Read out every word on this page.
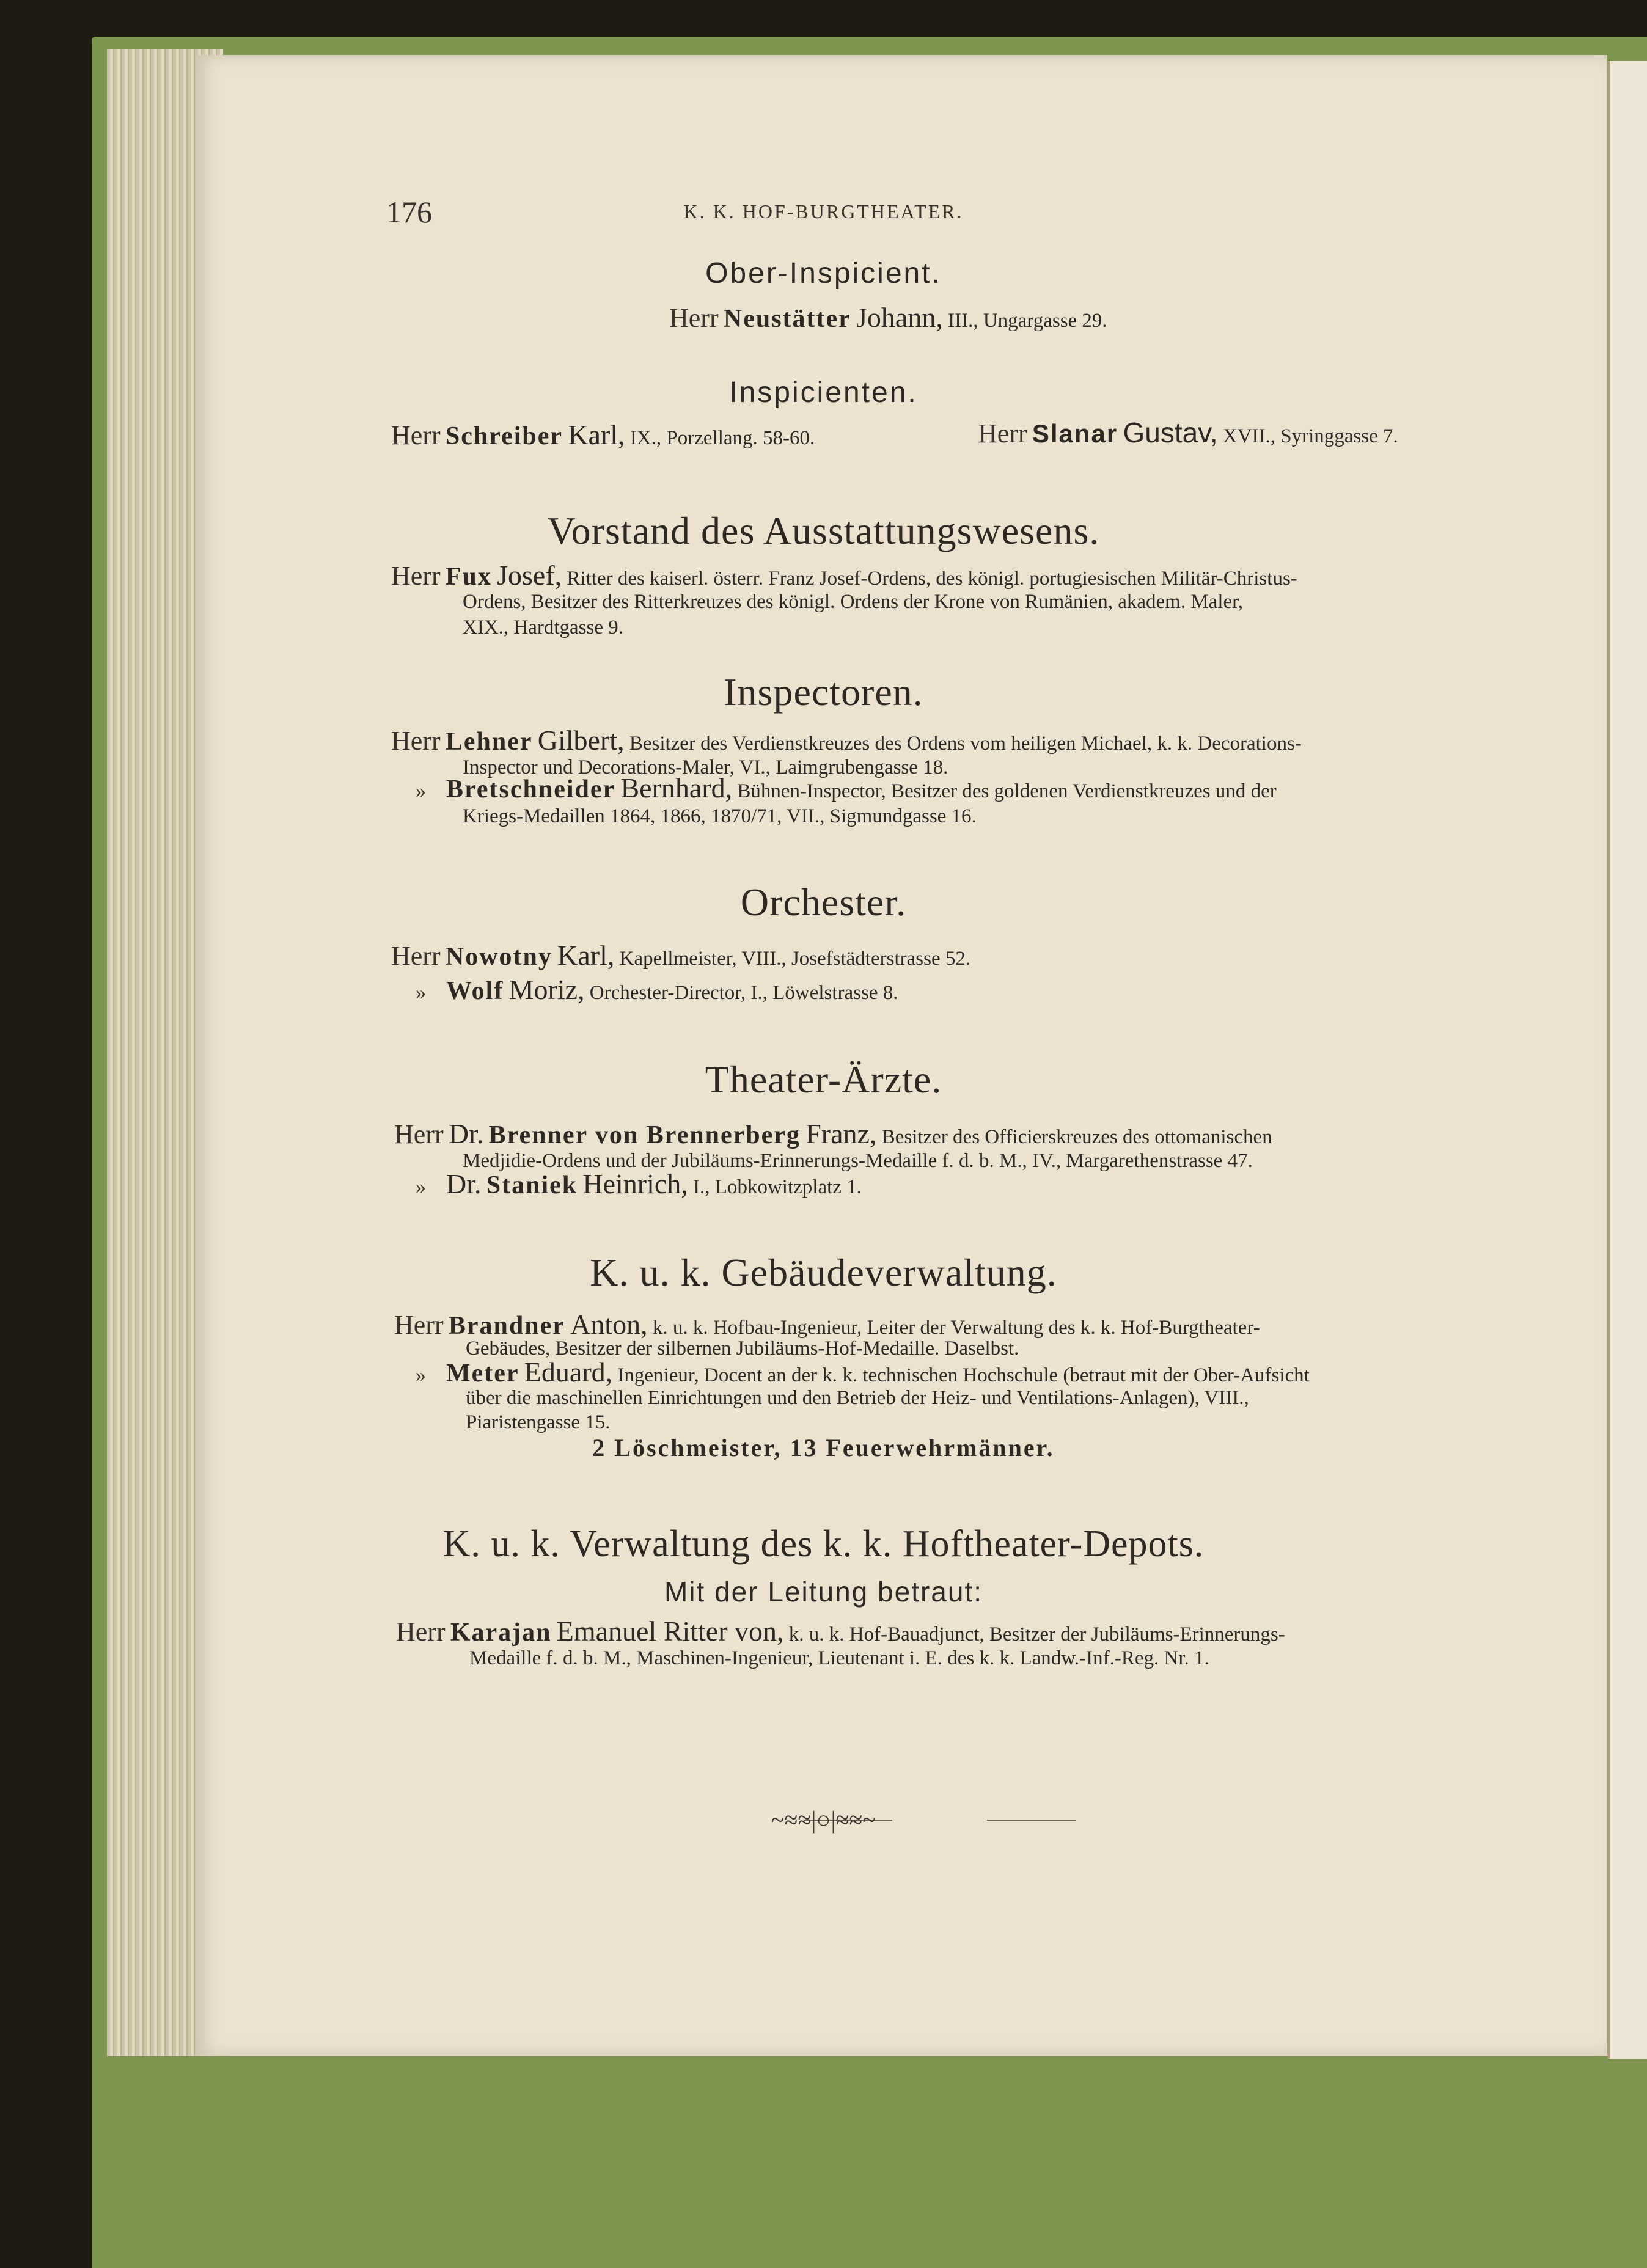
176	K. K. HOF-BURGTHEATER.
Ober-Inspicient.
Herr Neustätter Johann, III., Ungargasse 29.
Inspicienten.
Herr Schreiber Karl, IX., Porzellang. 58-60.	Herr Slanar Gustav, XVII., Syringgasse 7.
Vorstand des Ausstattungswesens.
Herr Fux Josef, Ritter des kaiserl. österr. Franz Josef-Ordens, des königl. portugiesischen Militär-Christus-
Ordens, Besitzer des Ritterkreuzes des königl. Ordens der Krone von Rumänien, akadem. Maler,
XIX., Hardtgasse 9.
Inspectoren.
Herr Lehner Gilbert, Besitzer des Verdienstkreuzes des Ordens vom heiligen Michael, k. k. Decorations-
Inspector und Decorations-Maler, VI., Laimgrubengasse 18.
» Bretschneider Bernhard, Bühnen-Inspector, Besitzer des goldenen Verdienstkreuzes und der
Kriegs-Medaillen 1864, 1866, 1870/71, VII., Sigmundgasse 16.
Orchester.
Herr Nowotny Karl, Kapellmeister, VIII., Josefstädterstrasse 52.
» Wolf Moriz, Orchester-Director, I., Löwelstrasse 8.
Theater-Ärzte.
Herr Dr. Brenner von Brennerberg Franz, Besitzer des Officierskreuzes des ottomanischen
Medjidie-Ordens und der Jubiläums-Erinnerungs-Medaille f. d. b. M., IV., Margarethenstrasse 47.
» Dr. Staniek Heinrich, I., Lobkowitzplatz 1.
K. u. k. Gebäudeverwaltung.
Herr Brandner Anton, k. u. k. Hofbau-Ingenieur, Leiter der Verwaltung des k. k. Hof-Burgtheater-
Gebäudes, Besitzer der silbernen Jubiläums-Hof-Medaille. Daselbst.
» Meter Eduard, Ingenieur, Docent an der k. k. technischen Hochschule (betraut mit der Ober-Aufsicht
über die maschinellen Einrichtungen und den Betrieb der Heiz- und Ventilations-Anlagen), VIII.,
Piaristengasse 15.
2 Löschmeister, 13 Feuerwehrmänner.
K. u. k. Verwaltung des k. k. Hoftheater-Depots.
Mit der Leitung betraut:
Herr Karajan Emanuel Ritter von, k. u. k. Hof-Bauadjunct, Besitzer der Jubiläums-Erinnerungs-
Medaille f. d. b. M., Maschinen-Ingenieur, Lieutenant i. E. des k. k. Landw.-Inf.-Reg. Nr. 1.
~≈≈|○|≈≈~
